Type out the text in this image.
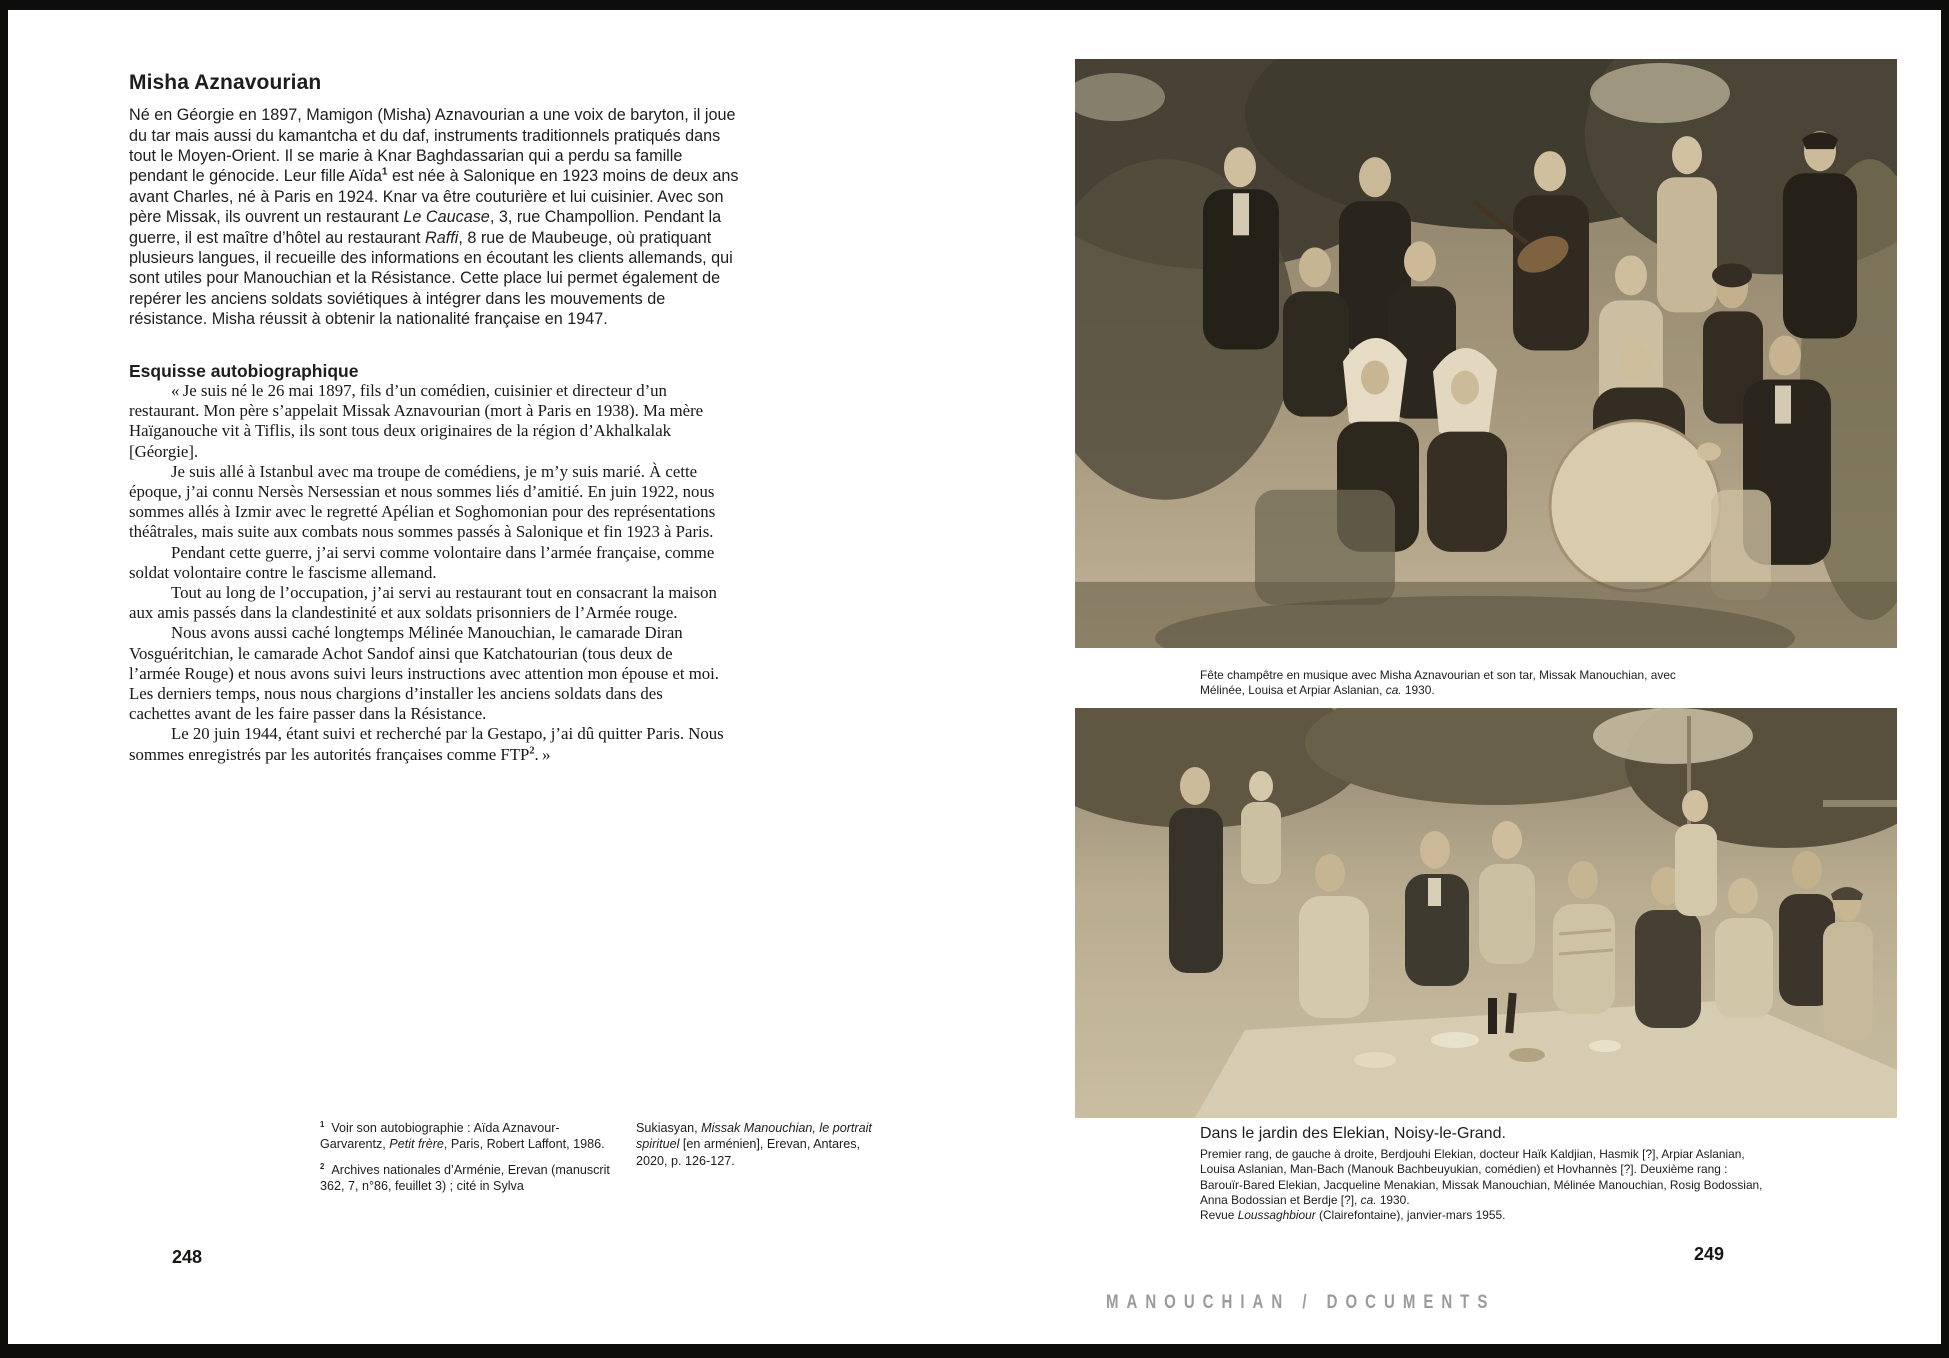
Misha Aznavourian

Né en Géorgie en 1897, Mamigon (Misha) Aznavourian a une voix de baryton, il joue du tar mais aussi du kamantcha et du daf, instruments traditionnels pratiqués dans tout le Moyen-Orient. Il se marie à Knar Baghdassarian qui a perdu sa famille pendant le génocide. Leur fille Aïda$^1$ est née à Salonique en 1923 moins de deux ans avant Charles, né à Paris en 1924. Knar va être couturière et lui cuisinier. Avec son père Missak, ils ouvrent un restaurant Le Caucase, 3, rue Champollion. Pendant la guerre, il est maître d’hôtel au restaurant Raffi, 8 rue de Maubeuge, où pratiquant plusieurs langues, il recueille des informations en écoutant les clients allemands, qui sont utiles pour Manouchian et la Résistance. Cette place lui permet également de repérer les anciens soldats soviétiques à intégrer dans les mouvements de résistance. Misha réussit à obtenir la nationalité française en 1947.

Esquisse autobiographique

« Je suis né le 26 mai 1897, fils d’un comédien, cuisinier et directeur d’un restaurant. Mon père s’appelait Missak Aznavourian (mort à Paris en 1938). Ma mère Haïganouche vit à Tiflis, ils sont tous deux originaires de la région d’Akhalkalak [Géorgie].

Je suis allé à Istanbul avec ma troupe de comédiens, je m’y suis marié. À cette époque, j’ai connu Nersès Nersessian et nous sommes liés d’amitié. En juin 1922, nous sommes allés à Izmir avec le regretté Apélian et Soghomonian pour des représentations théâtrales, mais suite aux combats nous sommes passés à Salonique et fin 1923 à Paris.

Pendant cette guerre, j’ai servi comme volontaire dans l’armée française, comme soldat volontaire contre le fascisme allemand.

Tout au long de l’occupation, j’ai servi au restaurant tout en consacrant la maison aux amis passés dans la clandestinité et aux soldats prisonniers de l’Armée rouge.

Nous avons aussi caché longtemps Mélinée Manouchian, le camarade Diran Vosguéritchian, le camarade Achot Sandof ainsi que Katchatourian (tous deux de l’armée Rouge) et nous avons suivi leurs instructions avec attention mon épouse et moi. Les derniers temps, nous nous chargions d’installer les anciens soldats dans des cachettes avant de les faire passer dans la Résistance.

Le 20 juin 1944, étant suivi et recherché par la Gestapo, j’ai dû quitter Paris. Nous sommes enregistrés par les autorités françaises comme FTP$^2$. »

$^1$ Voir son autobiographie : Aïda Aznavour-Garvarentz, Petit frère, Paris, Robert Laffont, 1986.

$^2$ Archives nationales d’Arménie, Erevan (manuscrit 362, 7, n°86, feuillet 3) ; cité in Sylva

Sukiasyan, Missak Manouchian, le portrait spirituel [en arménien], Erevan, Antares, 2020, p. 126-127.

248

Fête champêtre en musique avec Misha Aznavourian et son tar, Missak Manouchian, avec Mélinée, Louisa et Arpiar Aslanian, ca. 1930.

Dans le jardin des Elekian, Noisy-le-Grand.

Premier rang, de gauche à droite, Berdjouhi Elekian, docteur Haïk Kaldjian, Hasmik [?], Arpiar Aslanian, Louisa Aslanian, Man-Bach (Manouk Bachbeuyukian, comédien) et Hovhannès [?]. Deuxième rang : Barouïr-Bared Elekian, Jacqueline Menakian, Missak Manouchian, Mélinée Manouchian, Rosig Bodossian, Anna Bodossian et Berdje [?], ca. 1930.

Revue Loussaghbiour (Clairefontaine), janvier-mars 1955.

249
MANOUCHIAN / DOCUMENTS
